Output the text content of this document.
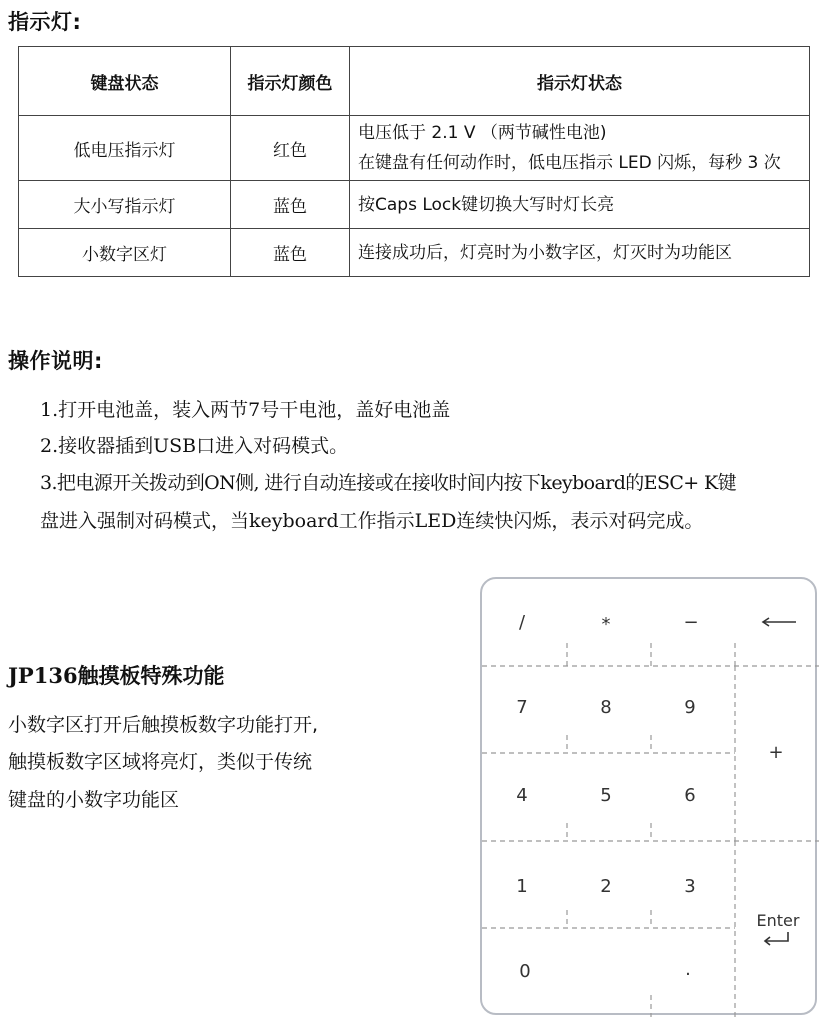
指示灯:
键盘状态	指示灯颜色	指示灯状态
低电压指示灯	红色	电压低于 2.1 V （两节碱性电池)
在键盘有任何动作时，低电压指示 LED 闪烁，每秒 3 次

大小写指示灯	蓝色	按Caps Lock键切换大写时灯长亮
小数字区灯	蓝色	连接成功后，灯亮时为小数字区，灯灭时为功能区
操作说明:
1.打开电池盖，装入两节7号干电池，盖好电池盖
2.接收器插到USB口进入对码模式。
3.把电源开关拨动到ON侧, 进行自动连接或在接收时间内按下keyboard的ESC+ K键
盘进入强制对码模式，当keyboard工作指示LED连续快闪烁，表示对码完成。
JP136触摸板特殊功能
小数字区打开后触摸板数字功能打开,
触摸板数字区域将亮灯，类似于传统
键盘的小数字功能区
/	*	−
7	8	9
+
4	5	6
1	2	3
Enter
0	.
